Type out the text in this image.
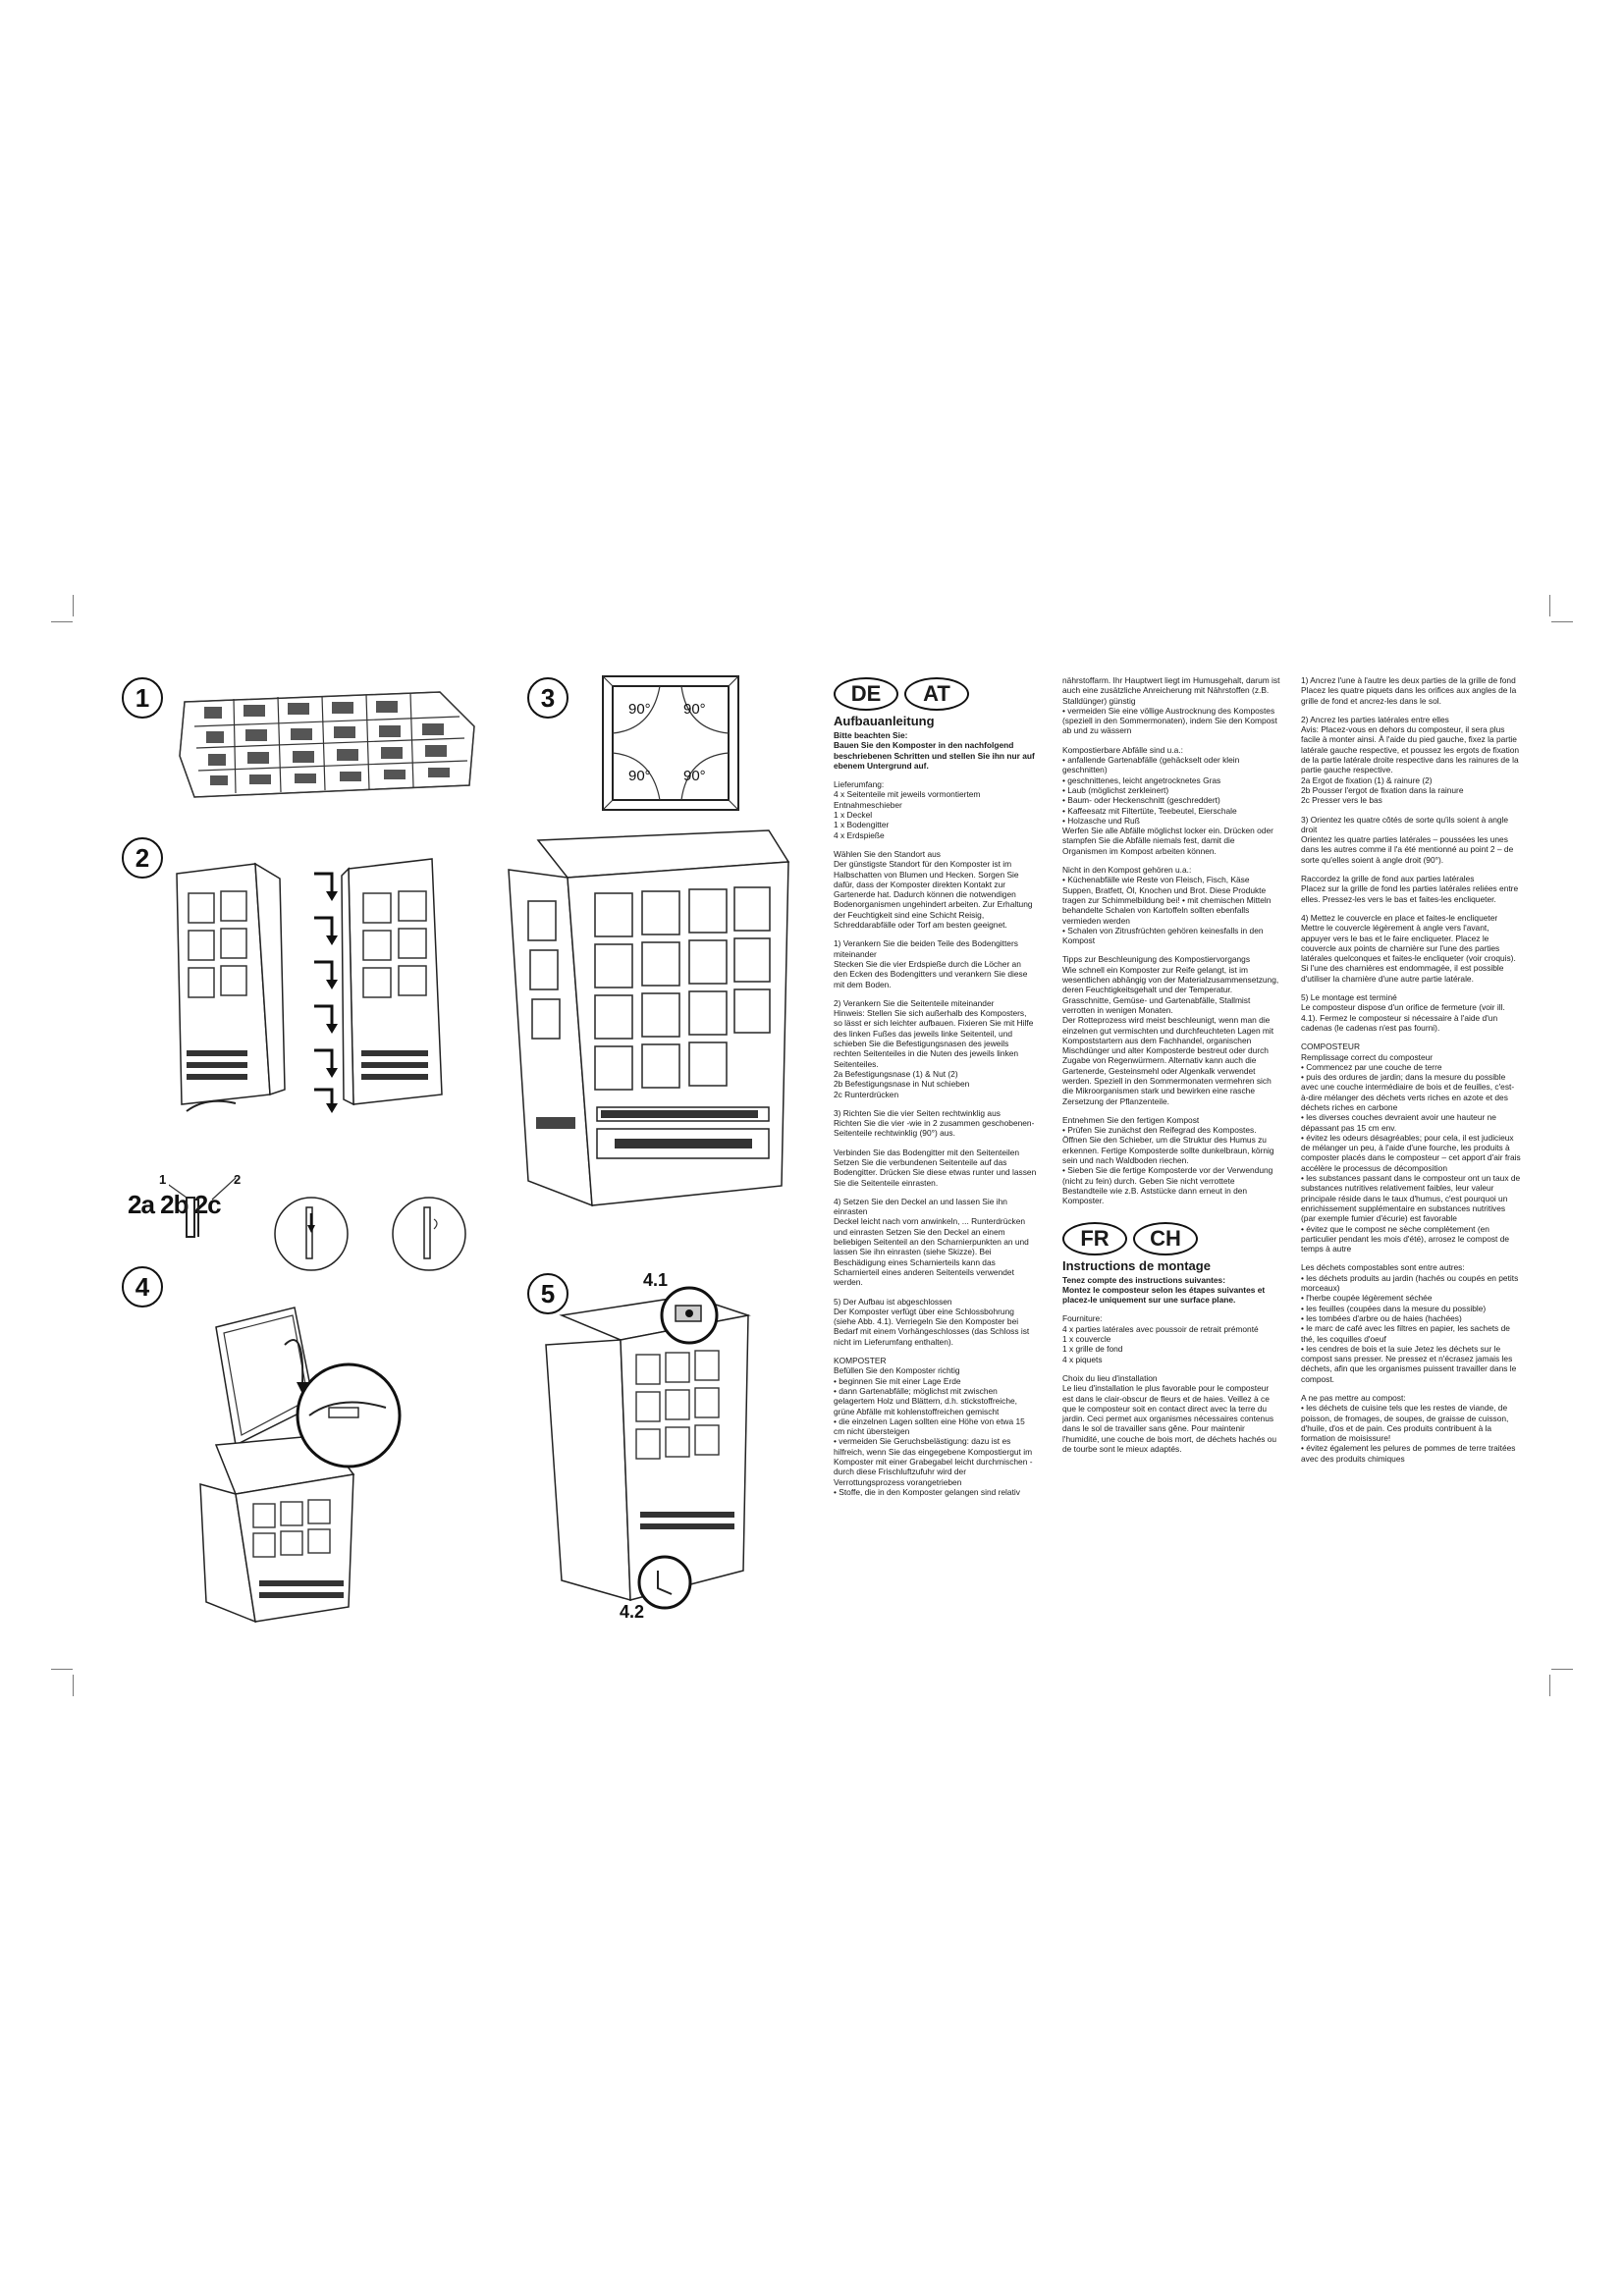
1
2
3
4	5
1	2
2a 2b 2c
90° 90°
90° 90°
4.1
4.2
DE	AT
Aufbauanleitung

Bitte beachten Sie:
Bauen Sie den Komposter in den nachfolgend beschriebenen Schritten und stellen Sie ihn nur auf ebenem Untergrund auf.

Lieferumfang:
4 x Seitenteile mit jeweils vormontiertem Entnahmeschieber
1 x Deckel
1 x Bodengitter
4 x Erdspieße

Wählen Sie den Standort aus
Der günstigste Standort für den Komposter ist im Halbschatten von Blumen und Hecken. Sorgen Sie dafür, dass der Komposter direkten Kontakt zur Gartenerde hat. Dadurch können die notwendigen Bodenorganismen ungehindert arbeiten. Zur Erhaltung der Feuchtigkeit sind eine Schicht Reisig, Schreddarabfälle oder Torf am besten geeignet.

1) Verankern Sie die beiden Teile des Bodengitters miteinander
Stecken Sie die vier Erdspieße durch die Löcher an den Ecken des Bodengitters und verankern Sie diese mit dem Boden.

2) Verankern Sie die Seitenteile miteinander
Hinweis: Stellen Sie sich außerhalb des Komposters, so lässt er sich leichter aufbauen. Fixieren Sie mit Hilfe des linken Fußes das jeweils linke Seitenteil, und schieben Sie die Befestigungsnasen des jeweils rechten Seitenteiles in die Nuten des jeweils linken Seitenteiles.
2a Befestigungsnase (1) & Nut (2)
2b Befestigungsnase in Nut schieben
2c Runterdrücken

3) Richten Sie die vier Seiten rechtwinklig aus
Richten Sie die vier -wie in 2 zusammen geschobenen- Seitenteile rechtwinklig (90°) aus.

Verbinden Sie das Bodengitter mit den Seitenteilen
Setzen Sie die verbundenen Seitenteile auf das Bodengitter. Drücken Sie diese etwas runter und lassen Sie die Seitenteile einrasten.

4) Setzen Sie den Deckel an und lassen Sie ihn einrasten
Deckel leicht nach vorn anwinkeln, ... Runterdrücken und einrasten Setzen Sie den Deckel an einem beliebigen Seitenteil an den Scharnierpunkten an und lassen Sie ihn einrasten (siehe Skizze). Bei Beschädigung eines Scharnierteils kann das Scharnierteil eines anderen Seitenteils verwendet werden.

5) Der Aufbau ist abgeschlossen
Der Komposter verfügt über eine Schlossbohrung (siehe Abb. 4.1). Verriegeln Sie den Komposter bei Bedarf mit einem Vorhängeschlosses (das Schloss ist nicht im Lieferumfang enthalten).

KOMPOSTER
Befüllen Sie den Komposter richtig
• beginnen Sie mit einer Lage Erde
• dann Gartenabfälle; möglichst mit zwischen gelagertem Holz und Blättern, d.h. stickstoffreiche, grüne Abfälle mit kohlenstoffreichen gemischt
• die einzelnen Lagen sollten eine Höhe von etwa 15 cm nicht übersteigen
• vermeiden Sie Geruchsbelästigung: dazu ist es hilfreich, wenn Sie das eingegebene Kompostiergut im Komposter mit einer Grabegabel leicht durchmischen - durch diese Frischluftzufuhr wird der Verrottungsprozess vorangetrieben
• Stoffe, die in den Komposter gelangen sind relativ

nährstoffarm. Ihr Hauptwert liegt im Humusgehalt, darum ist auch eine zusätzliche Anreicherung mit Nährstoffen (z.B. Stalldünger) günstig
• vermeiden Sie eine völlige Austrocknung des Kompostes (speziell in den Sommermonaten), indem Sie den Kompost ab und zu wässern

Kompostierbare Abfälle sind u.a.:
• anfallende Gartenabfälle (gehäckselt oder klein geschnitten)
• geschnittenes, leicht angetrocknetes Gras
• Laub (möglichst zerkleinert)
• Baum- oder Heckenschnitt (geschreddert)
• Kaffeesatz mit Filtertüte, Teebeutel, Eierschale
• Holzasche und Ruß
Werfen Sie alle Abfälle möglichst locker ein. Drücken oder stampfen Sie die Abfälle niemals fest, damit die Organismen im Kompost arbeiten können.

Nicht in den Kompost gehören u.a.:
• Küchenabfälle wie Reste von Fleisch, Fisch, Käse Suppen, Bratfett, Öl, Knochen und Brot. Diese Produkte tragen zur Schimmelbildung bei! • mit chemischen Mitteln behandelte Schalen von Kartoffeln sollten ebenfalls vermieden werden
• Schalen von Zitrusfrüchten gehören keinesfalls in den Kompost

Tipps zur Beschleunigung des Kompostiervorgangs
Wie schnell ein Komposter zur Reife gelangt, ist im wesentlichen abhängig von der Materialzusammensetzung, deren Feuchtigkeitsgehalt und der Temperatur. Grasschnitte, Gemüse- und Gartenabfälle, Stallmist verrotten in wenigen Monaten.
Der Rotteprozess wird meist beschleunigt, wenn man die einzelnen gut vermischten und durchfeuchteten Lagen mit Kompoststartern aus dem Fachhandel, organischen Mischdünger und alter Komposterde bestreut oder durch Zugabe von Regenwürmern. Alternativ kann auch die Gartenerde, Gesteinsmehl oder Algenkalk verwendet werden. Speziell in den Sommermonaten vermehren sich die Mikroorganismen stark und bewirken eine rasche Zersetzung der Pflanzenteile.

Entnehmen Sie den fertigen Kompost
• Prüfen Sie zunächst den Reifegrad des Kompostes. Öffnen Sie den Schieber, um die Struktur des Humus zu erkennen. Fertige Komposterde sollte dunkelbraun, körnig sein und nach Waldboden riechen.
• Sieben Sie die fertige Komposterde vor der Verwendung (nicht zu fein) durch. Geben Sie nicht verrottete Bestandteile wie z.B. Aststücke dann erneut in den Komposter.

FR	CH
Instructions de montage

Tenez compte des instructions suivantes:
Montez le composteur selon les étapes suivantes et placez-le uniquement sur une surface plane.

Fourniture:
4 x parties latérales avec poussoir de retrait prémonté
1 x couvercle
1 x grille de fond
4 x piquets

Choix du lieu d'installation
Le lieu d'installation le plus favorable pour le composteur est dans le clair-obscur de fleurs et de haies. Veillez à ce que le composteur soit en contact direct avec la terre du jardin. Ceci permet aux organismes nécessaires contenus dans le sol de travailler sans gêne. Pour maintenir l'humidité, une couche de bois mort, de déchets hachés ou de tourbe sont le mieux adaptés.

1) Ancrez l'une à l'autre les deux parties de la grille de fond
Placez les quatre piquets dans les orifices aux angles de la grille de fond et ancrez-les dans le sol.

2) Ancrez les parties latérales entre elles
Avis: Placez-vous en dehors du composteur, il sera plus facile à monter ainsi. À l'aide du pied gauche, fixez la partie latérale gauche respective, et poussez les ergots de fixation de la partie latérale droite respective dans les rainures de la partie gauche respective.
2a Ergot de fixation (1) & rainure (2)
2b Pousser l'ergot de fixation dans la rainure
2c Presser vers le bas

3) Orientez les quatre côtés de sorte qu'ils soient à angle droit
Orientez les quatre parties latérales – poussées les unes dans les autres comme il l'a été mentionné au point 2 – de sorte qu'elles soient à angle droit (90°).

Raccordez la grille de fond aux parties latérales
Placez sur la grille de fond les parties latérales reliées entre elles. Pressez-les vers le bas et faites-les encliqueter.

4) Mettez le couvercle en place et faites-le encliqueter
Mettre le couvercle légèrement à angle vers l'avant, appuyer vers le bas et le faire encliqueter. Placez le couvercle aux points de charnière sur l'une des parties latérales quelconques et faites-le encliqueter (voir croquis). Si l'une des charnières est endommagée, il est possible d'utiliser la charnière d'une autre partie latérale.

5) Le montage est terminé
Le composteur dispose d'un orifice de fermeture (voir ill. 4.1). Fermez le composteur si nécessaire à l'aide d'un cadenas (le cadenas n'est pas fourni).

COMPOSTEUR
Remplissage correct du composteur
• Commencez par une couche de terre
• puis des ordures de jardin; dans la mesure du possible avec une couche intermédiaire de bois et de feuilles, c'est-à-dire mélanger des déchets verts riches en azote et des déchets riches en carbone
• les diverses couches devraient avoir une hauteur ne dépassant pas 15 cm env.
• évitez les odeurs désagréables; pour cela, il est judicieux de mélanger un peu, à l'aide d'une fourche, les produits à composter placés dans le composteur – cet apport d'air frais accélère le processus de décomposition
• les substances passant dans le composteur ont un taux de substances nutritives relativement faibles, leur valeur principale réside dans le taux d'humus, c'est pourquoi un enrichissement supplémentaire en substances nutritives (par exemple fumier d'écurie) est favorable
• évitez que le compost ne sèche complètement (en particulier pendant les mois d'été), arrosez le compost de temps à autre

Les déchets compostables sont entre autres:
• les déchets produits au jardin (hachés ou coupés en petits morceaux)
• l'herbe coupée légèrement séchée
• les feuilles (coupées dans la mesure du possible)
• les tombées d'arbre ou de haies (hachées)
• le marc de café avec les filtres en papier, les sachets de thé, les coquilles d'oeuf
• les cendres de bois et la suie Jetez les déchets sur le compost sans presser. Ne pressez et n'écrasez jamais les déchets, afin que les organismes puissent travailler dans le compost.

A ne pas mettre au compost:
• les déchets de cuisine tels que les restes de viande, de poisson, de fromages, de soupes, de graisse de cuisson, d'huile, d'os et de pain. Ces produits contribuent à la formation de moisissure!
• évitez également les pelures de pommes de terre traitées avec des produits chimiques
